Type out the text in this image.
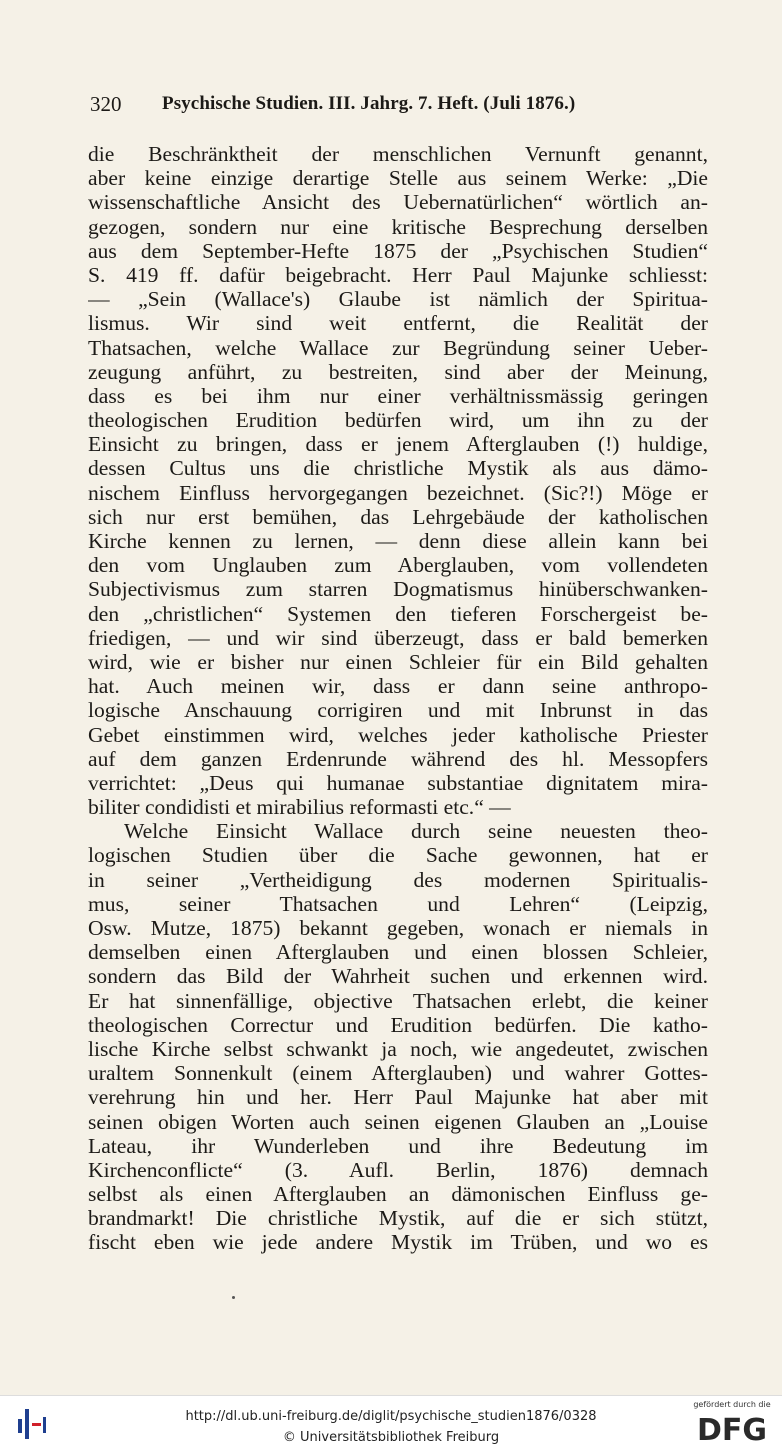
320 Psychische Studien. III. Jahrg. 7. Heft. (Juli 1876.)
die Beschränktheit der menschlichen Vernunft genannt,
aber keine einzige derartige Stelle aus seinem Werke: „Die
wissenschaftliche Ansicht des Uebernatürlichen“ wörtlich an-
gezogen, sondern nur eine kritische Besprechung derselben
aus dem September-Hefte 1875 der „Psychischen Studien“
S. 419 ff. dafür beigebracht. Herr Paul Majunke schliesst:
— „Sein (Wallace's) Glaube ist nämlich der Spiritua-
lismus. Wir sind weit entfernt, die Realität der
Thatsachen, welche Wallace zur Begründung seiner Ueber-
zeugung anführt, zu bestreiten, sind aber der Meinung,
dass es bei ihm nur einer verhältnissmässig geringen
theologischen Erudition bedürfen wird, um ihn zu der
Einsicht zu bringen, dass er jenem Afterglauben (!) huldige,
dessen Cultus uns die christliche Mystik als aus dämo-
nischem Einfluss hervorgegangen bezeichnet. (Sic?!) Möge er
sich nur erst bemühen, das Lehrgebäude der katholischen
Kirche kennen zu lernen, — denn diese allein kann bei
den vom Unglauben zum Aberglauben, vom vollendeten
Subjectivismus zum starren Dogmatismus hinüberschwanken-
den „christlichen“ Systemen den tieferen Forschergeist be-
friedigen, — und wir sind überzeugt, dass er bald bemerken
wird, wie er bisher nur einen Schleier für ein Bild gehalten
hat. Auch meinen wir, dass er dann seine anthropo-
logische Anschauung corrigiren und mit Inbrunst in das
Gebet einstimmen wird, welches jeder katholische Priester
auf dem ganzen Erdenrunde während des hl. Messopfers
verrichtet: „Deus qui humanae substantiae dignitatem mira-
biliter condidisti et mirabilius reformasti etc.“ —
Welche Einsicht Wallace durch seine neuesten theo-
logischen Studien über die Sache gewonnen, hat er
in seiner „Vertheidigung des modernen Spiritualis-
mus, seiner Thatsachen und Lehren“ (Leipzig,
Osw. Mutze, 1875) bekannt gegeben, wonach er niemals in
demselben einen Afterglauben und einen blossen Schleier,
sondern das Bild der Wahrheit suchen und erkennen wird.
Er hat sinnenfällige, objective Thatsachen erlebt, die keiner
theologischen Correctur und Erudition bedürfen. Die katho-
lische Kirche selbst schwankt ja noch, wie angedeutet, zwischen
uraltem Sonnenkult (einem Afterglauben) und wahrer Gottes-
verehrung hin und her. Herr Paul Majunke hat aber mit
seinen obigen Worten auch seinen eigenen Glauben an „Louise
Lateau, ihr Wunderleben und ihre Bedeutung im
Kirchenconflicte“ (3. Aufl. Berlin, 1876) demnach
selbst als einen Afterglauben an dämonischen Einfluss ge-
brandmarkt! Die christliche Mystik, auf die er sich stützt,
fischt eben wie jede andere Mystik im Trüben, und wo es
http://dl.ub.uni-freiburg.de/diglit/psychische_studien1876/0328
© Universitätsbibliothek Freiburg
gefördert durch die
DFG
